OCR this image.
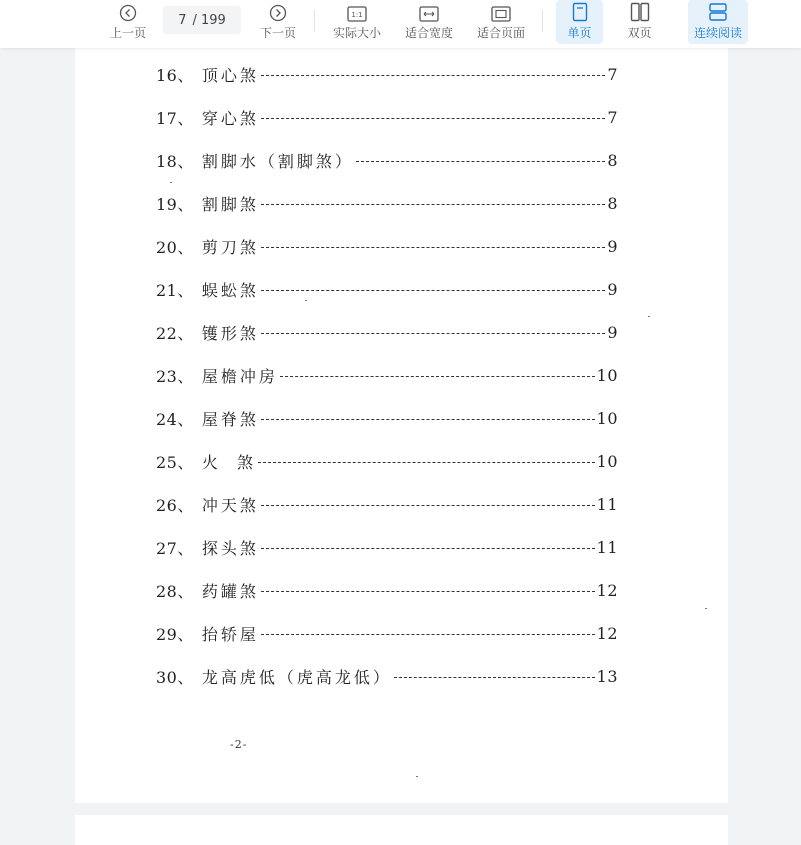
上一页
7 / 199
下一页
1:1
实际大小 适合宽度 适合页面	单页	双页	连续阅读
16、 顶心煞	7
17、 穿心煞	7
18、 割脚水（割脚煞）	8
19、 割脚煞	8
20、 剪刀煞	9
21、 蜈蚣煞	9
22、 镬形煞	9
23、 屋檐冲房	10
24、 屋脊煞	10
25、 火  煞	10
26、 冲天煞	11
27、 探头煞	11
28、 药罐煞	12
29、 抬轿屋	12
30、 龙高虎低（虎高龙低）	13
-2-
